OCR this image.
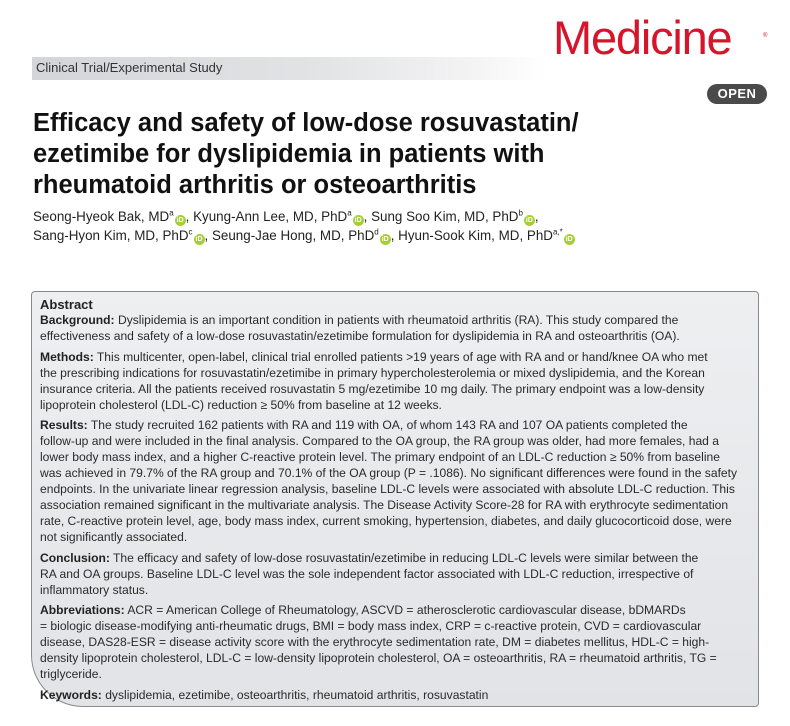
Clinical Trial/Experimental Study
Medicine	®
OPEN
Efficacy and safety of low-dose rosuvastatin/
ezetimibe for dyslipidemia in patients with
rheumatoid arthritis or osteoarthritis
Seong-Hyeok Bak, $MD^aiD$ , Kyung-Ann Lee, MD, PhD$^a$iD , Sung Soo Kim, MD, PhD$^b$iD ,
Sang-Hyon Kim, MD, PhD$^c$iD , Seung-Jae Hong, MD, PhD$^d$iD , Hyun-Sook Kim, MD, PhD$^{a,*}$iD
Abstract

Background: Dyslipidemia is an important condition in patients with rheumatoid arthritis (RA). This study compared the
effectiveness and safety of a low-dose rosuvastatin/ezetimibe formulation for dyslipidemia in RA and osteoarthritis (OA).

Methods: This multicenter, open-label, clinical trial enrolled patients >19 years of age with RA and or hand/knee OA who met
the prescribing indications for rosuvastatin/ezetimibe in primary hypercholesterolemia or mixed dyslipidemia, and the Korean
insurance criteria. All the patients received rosuvastatin 5 mg/ezetimibe 10 mg daily. The primary endpoint was a low-density
lipoprotein cholesterol (LDL-C) reduction ≥ 50% from baseline at 12 weeks.

Results: The study recruited 162 patients with RA and 119 with OA, of whom 143 RA and 107 OA patients completed the
follow-up and were included in the final analysis. Compared to the OA group, the RA group was older, had more females, had a
lower body mass index, and a higher C-reactive protein level. The primary endpoint of an LDL-C reduction ≥ 50% from baseline
was achieved in 79.7% of the RA group and 70.1% of the OA group (P = .1086). No significant differences were found in the safety
endpoints. In the univariate linear regression analysis, baseline LDL-C levels were associated with absolute LDL-C reduction. This
association remained significant in the multivariate analysis. The Disease Activity Score-28 for RA with erythrocyte sedimentation
rate, C-reactive protein level, age, body mass index, current smoking, hypertension, diabetes, and daily glucocorticoid dose, were
not significantly associated.

Conclusion: The efficacy and safety of low-dose rosuvastatin/ezetimibe in reducing LDL-C levels were similar between the
RA and OA groups. Baseline LDL-C level was the sole independent factor associated with LDL-C reduction, irrespective of
inflammatory status.

Abbreviations: ACR = American College of Rheumatology, ASCVD = atherosclerotic cardiovascular disease, bDMARDs
= biologic disease-modifying anti-rheumatic drugs, BMI = body mass index, CRP = c-reactive protein, CVD = cardiovascular
disease, DAS28-ESR = disease activity score with the erythrocyte sedimentation rate, DM = diabetes mellitus, HDL-C = high-
density lipoprotein cholesterol, LDL-C = low-density lipoprotein cholesterol, OA = osteoarthritis, RA = rheumatoid arthritis, TG =
triglyceride.

Keywords: dyslipidemia, ezetimibe, osteoarthritis, rheumatoid arthritis, rosuvastatin
